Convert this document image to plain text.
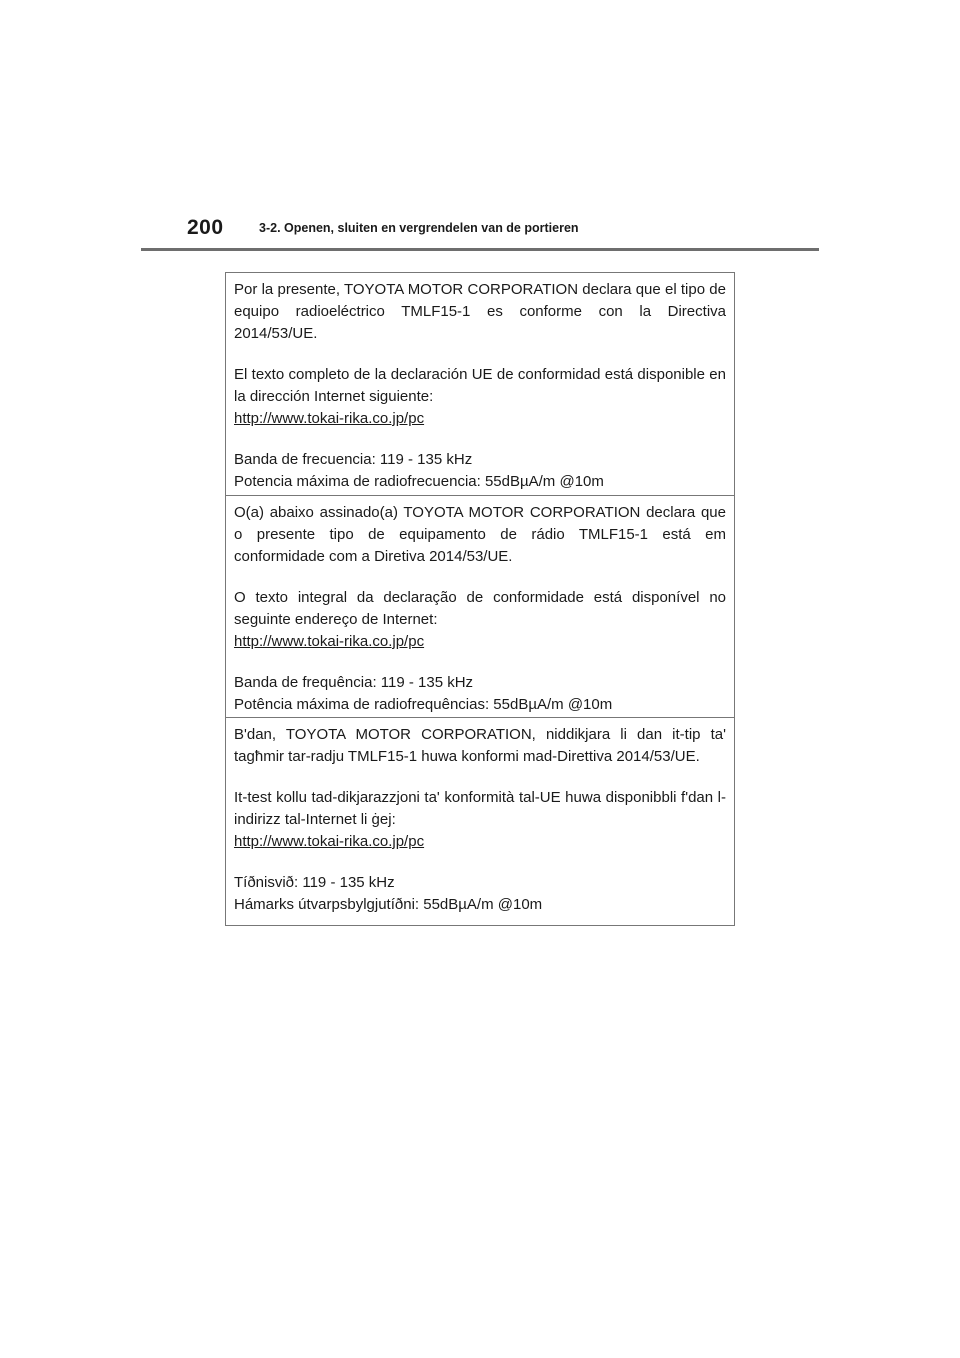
200	3-2. Openen, sluiten en vergrendelen van de portieren

Por la presente, TOYOTA MOTOR CORPORATION declara que el tipo de equipo radioeléctrico TMLF15-1 es conforme con la Directiva 2014/53/UE.

El texto completo de la declaración UE de conformidad está disponible en la dirección Internet siguiente:

http://www.tokai-rika.co.jp/pc

Banda de frecuencia: 119 - 135 kHz

Potencia máxima de radiofrecuencia: 55dBµA/m @10m

O(a) abaixo assinado(a) TOYOTA MOTOR CORPORATION declara que o presente tipo de equipamento de rádio TMLF15-1 está em conformidade com a Diretiva 2014/53/UE.

O texto integral da declaração de conformidade está disponível no seguinte endereço de Internet:

http://www.tokai-rika.co.jp/pc

Banda de frequência: 119 - 135 kHz

Potência máxima de radiofrequências: 55dBµA/m @10m

B'dan, TOYOTA MOTOR CORPORATION, niddikjara li dan it-tip ta' tagħmir tar-radju TMLF15-1 huwa konformi mad-Direttiva 2014/53/UE.

It-test kollu tad-dikjarazzjoni ta' konformità tal-UE huwa disponibbli f'dan l-indirizz tal-Internet li ġej:

http://www.tokai-rika.co.jp/pc

Tíðnisvið: 119 - 135 kHz

Hámarks útvarpsbylgjutíðni: 55dBµA/m @10m
